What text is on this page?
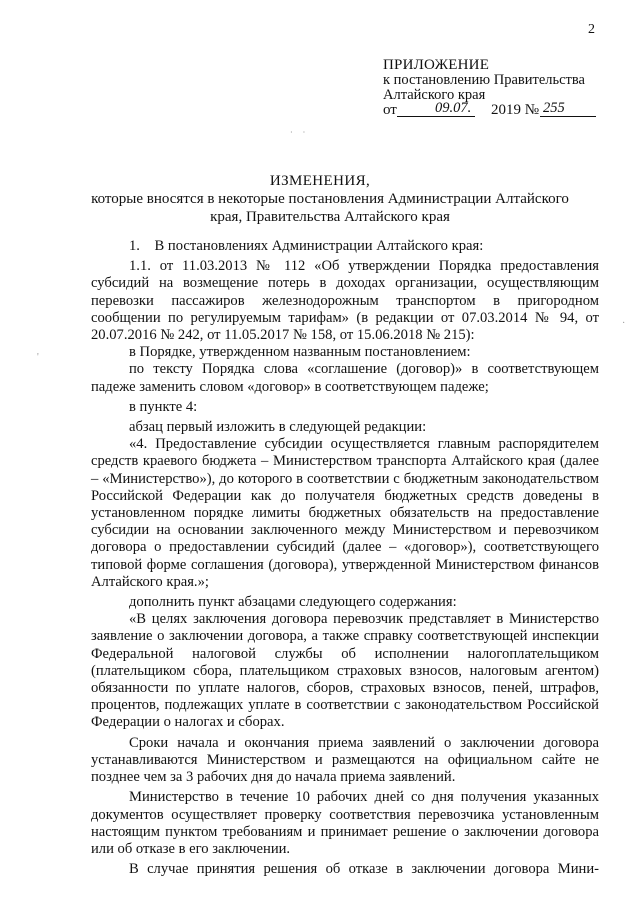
2
ПРИЛОЖЕНИЕ
к постановлению Правительства
Алтайского края
от	09.07. 2019 № 255
· ·
·
'
ИЗМЕНЕНИЯ,
которые вносятся в некоторые постановления Администрации Алтайского края, Правительства Алтайского края

1. В постановлениях Администрации Алтайского края:

1.1. от 11.03.2013 № 112 «Об утверждении Порядка предоставления субсидий на возмещение потерь в доходах организации, осуществляющим перевозки пассажиров железнодорожным транспортом в пригородном сообщении по регулируемым тарифам» (в редакции от 07.03.2014 № 94, от 20.07.2016 № 242, от 11.05.2017 № 158, от 15.06.2018 № 215):

в Порядке, утвержденном названным постановлением:

по тексту Порядка слова «соглашение (договор)» в соответствующем падеже заменить словом «договор» в соответствующем падеже;

в пункте 4:

абзац первый изложить в следующей редакции:

«4. Предоставление субсидии осуществляется главным распорядителем средств краевого бюджета – Министерством транспорта Алтайского края (далее – «Министерство»), до которого в соответствии с бюджетным законодательством Российской Федерации как до получателя бюджетных средств доведены в установленном порядке лимиты бюджетных обязательств на предоставление субсидии на основании заключенного между Министерством и перевозчиком договора о предоставлении субсидий (далее – «договор»), соответствующего типовой форме соглашения (договора), утвержденной Министерством финансов Алтайского края.»;

дополнить пункт абзацами следующего содержания:

«В целях заключения договора перевозчик представляет в Министерство заявление о заключении договора, а также справку соответствующей инспекции Федеральной налоговой службы об исполнении налогоплательщиком (плательщиком сбора, плательщиком страховых взносов, налоговым агентом) обязанности по уплате налогов, сборов, страховых взносов, пеней, штрафов, процентов, подлежащих уплате в соответствии с законодательством Российской Федерации о налогах и сборах.

Сроки начала и окончания приема заявлений о заключении договора устанавливаются Министерством и размещаются на официальном сайте не позднее чем за 3 рабочих дня до начала приема заявлений.

Министерство в течение 10 рабочих дней со дня получения указанных документов осуществляет проверку соответствия перевозчика установленным настоящим пунктом требованиям и принимает решение о заключении договора или об отказе в его заключении.

В случае принятия решения об отказе в заключении договора Мини-
